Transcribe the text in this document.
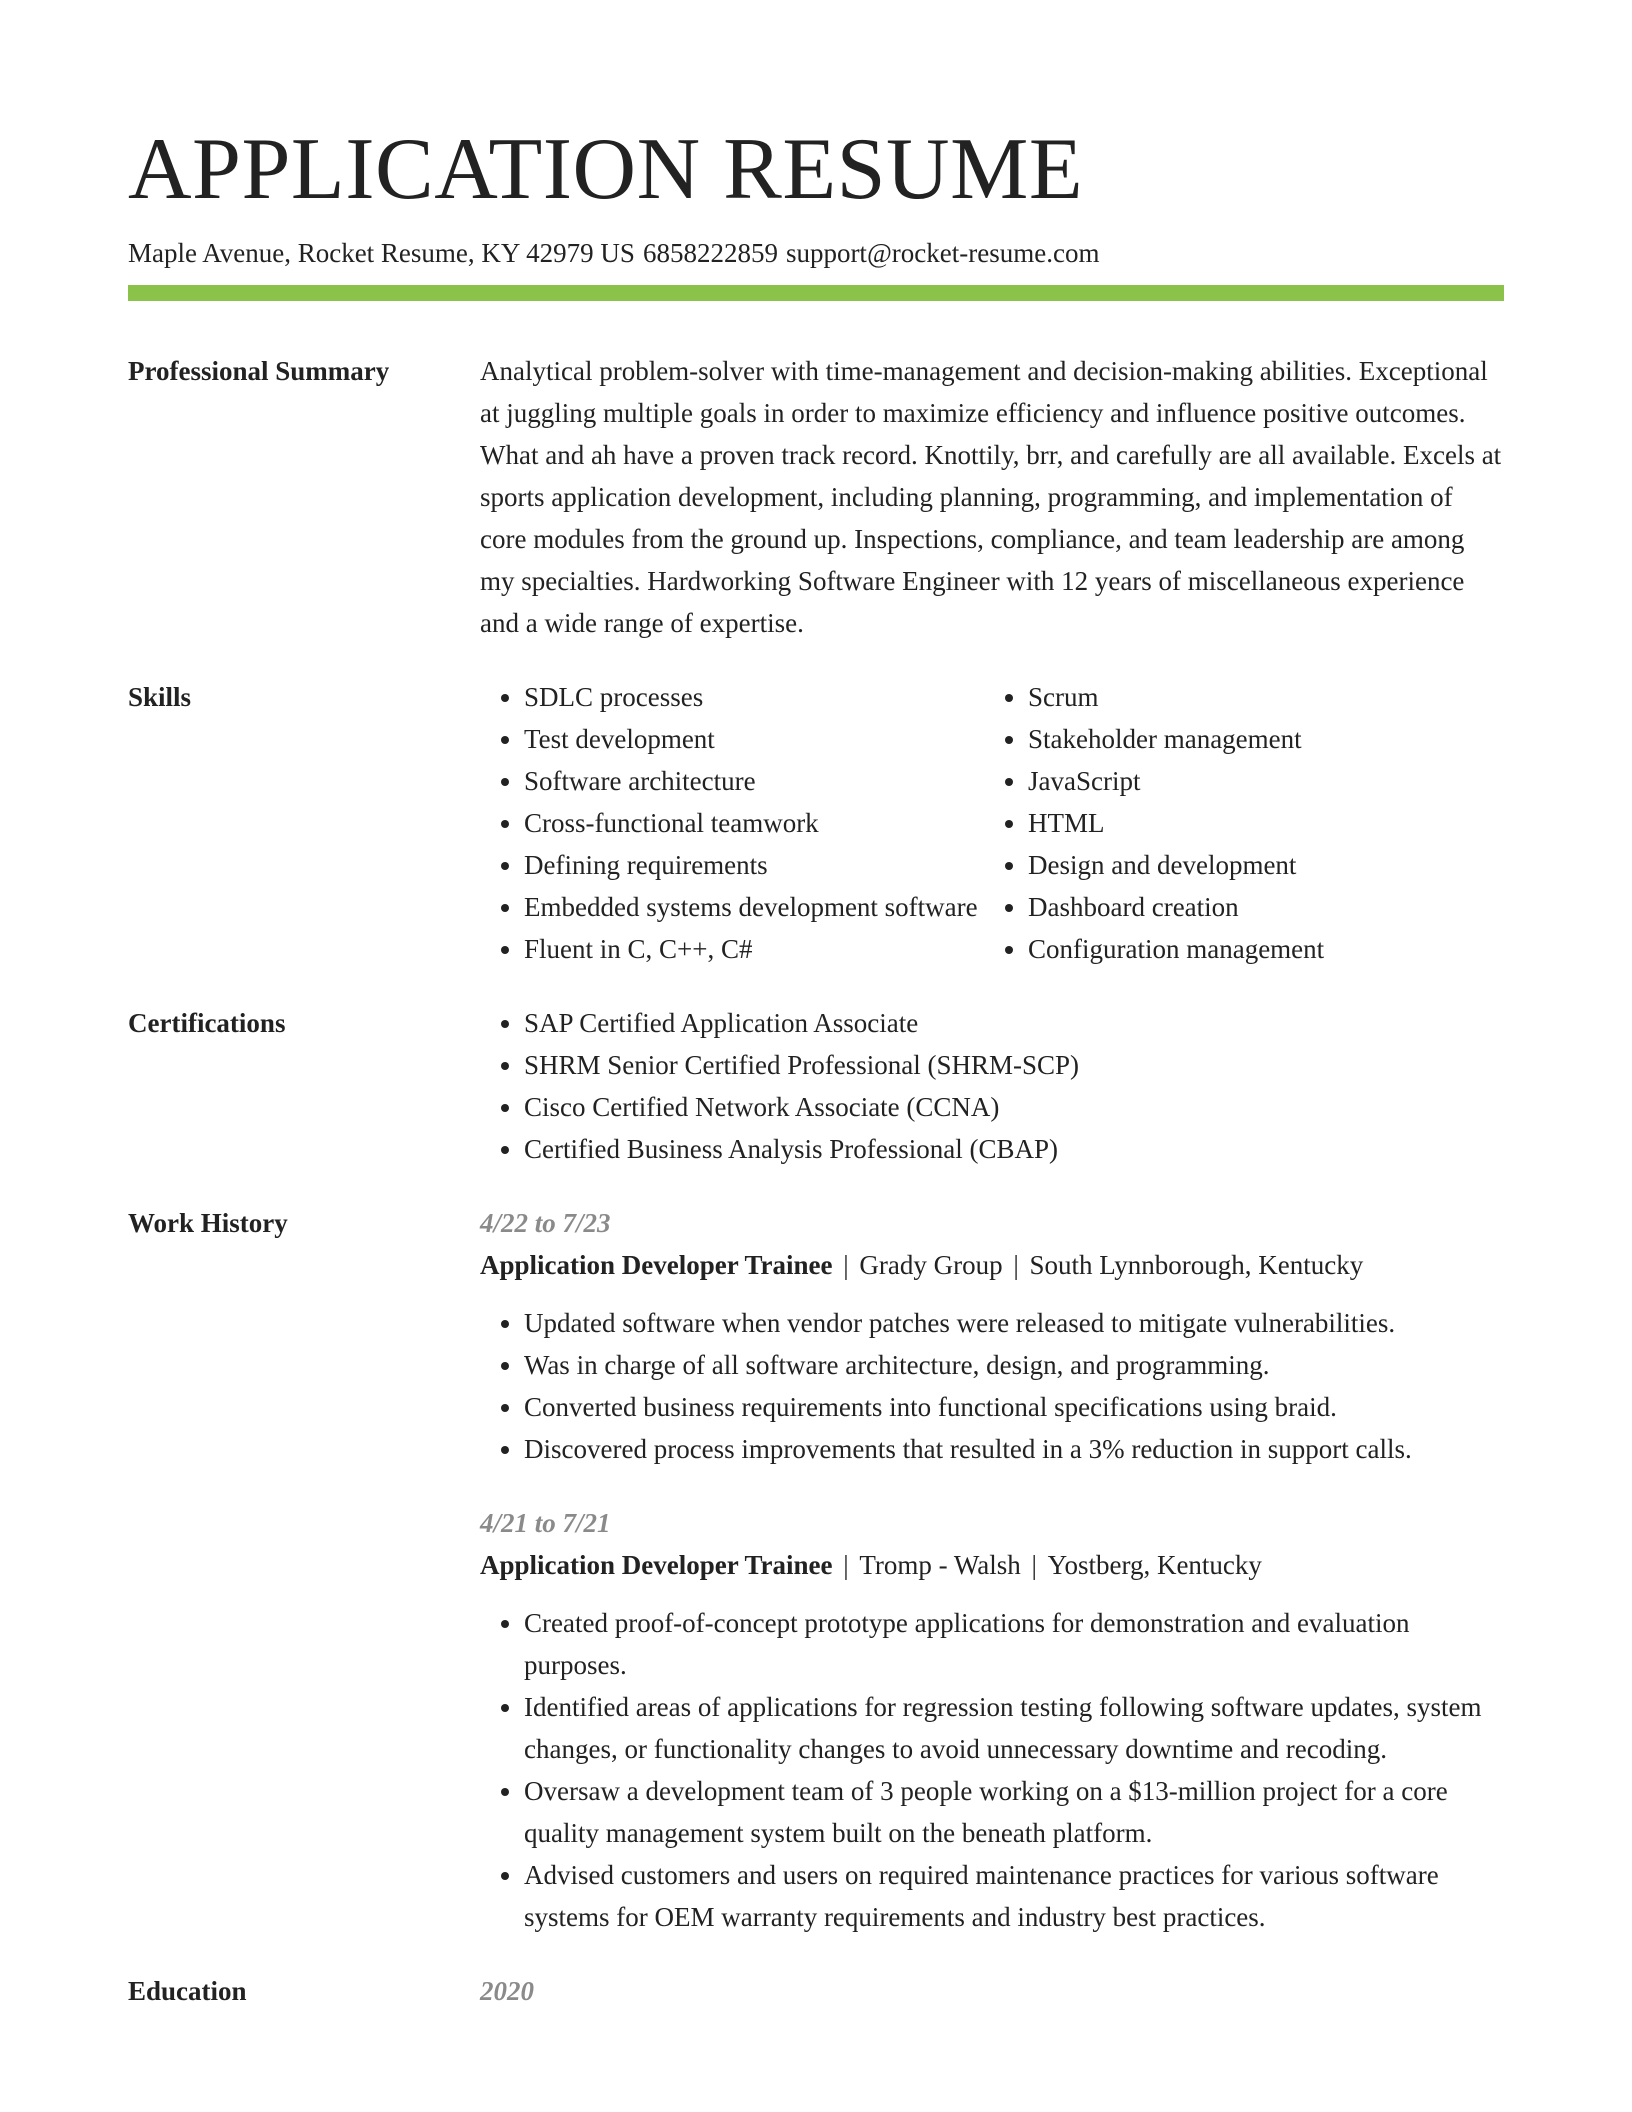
APPLICATION RESUME
Maple Avenue, Rocket Resume, KY 42979 US 6858222859 support@rocket-resume.com
Professional Summary	Analytical problem-solver with time-management and decision-making abilities. Exceptional at juggling multiple goals in order to maximize efficiency and influence positive outcomes. What and ah have a proven track record. Knottily, brr, and carefully are all available. Excels at sports application development, including planning, programming, and implementation of core modules from the ground up. Inspections, compliance, and team leadership are among my specialties. Hardworking Software Engineer with 12 years of miscellaneous experience and a wide range of expertise.

Skills	• SDLC processes
• Test development
• Software architecture
• Cross-functional teamwork
• Defining requirements
• Embedded systems development software
• Fluent in C, C++, C#
• Scrum
• Stakeholder management
• JavaScript
• HTML
• Design and development
• Dashboard creation
• Configuration management
Certifications	• SAP Certified Application Associate
• SHRM Senior Certified Professional (SHRM-SCP)
• Cisco Certified Network Associate (CCNA)
• Certified Business Analysis Professional (CBAP)
Work History	4/22 to 7/23
Application Developer Trainee | Grady Group | South Lynnborough, Kentucky
• Updated software when vendor patches were released to mitigate vulnerabilities.
• Was in charge of all software architecture, design, and programming.
• Converted business requirements into functional specifications using braid.
• Discovered process improvements that resulted in a 3% reduction in support calls.
4/21 to 7/21
Application Developer Trainee | Tromp - Walsh | Yostberg, Kentucky
• Created proof-of-concept prototype applications for demonstration and evaluation purposes.
• Identified areas of applications for regression testing following software updates, system changes, or functionality changes to avoid unnecessary downtime and recoding.
• Oversaw a development team of 3 people working on a $13-million project for a core quality management system built on the beneath platform.
• Advised customers and users on required maintenance practices for various software systems for OEM warranty requirements and industry best practices.
Education	2020
